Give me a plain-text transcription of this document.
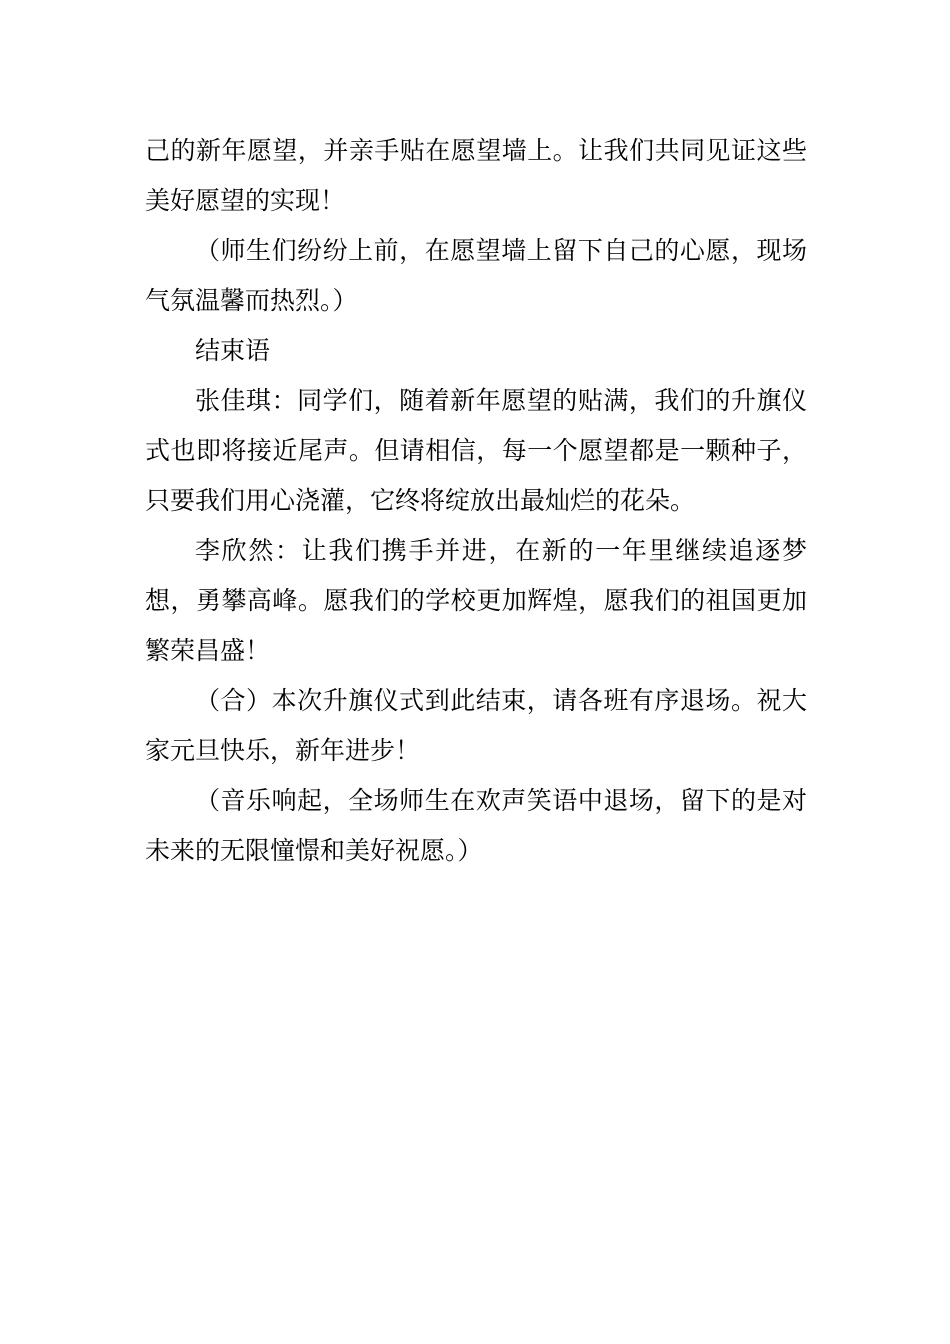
己的新年愿望，并亲手贴在愿望墙上。让我们共同见证这些美好愿望的实现！

（师生们纷纷上前，在愿望墙上留下自己的心愿，现场气氛温馨而热烈。）

结束语

张佳琪：同学们，随着新年愿望的贴满，我们的升旗仪式也即将接近尾声。但请相信，每一个愿望都是一颗种子，只要我们用心浇灌，它终将绽放出最灿烂的花朵。

李欣然：让我们携手并进，在新的一年里继续追逐梦想，勇攀高峰。愿我们的学校更加辉煌，愿我们的祖国更加繁荣昌盛！

（合）本次升旗仪式到此结束，请各班有序退场。祝大家元旦快乐，新年进步！

（音乐响起，全场师生在欢声笑语中退场，留下的是对未来的无限憧憬和美好祝愿。）
